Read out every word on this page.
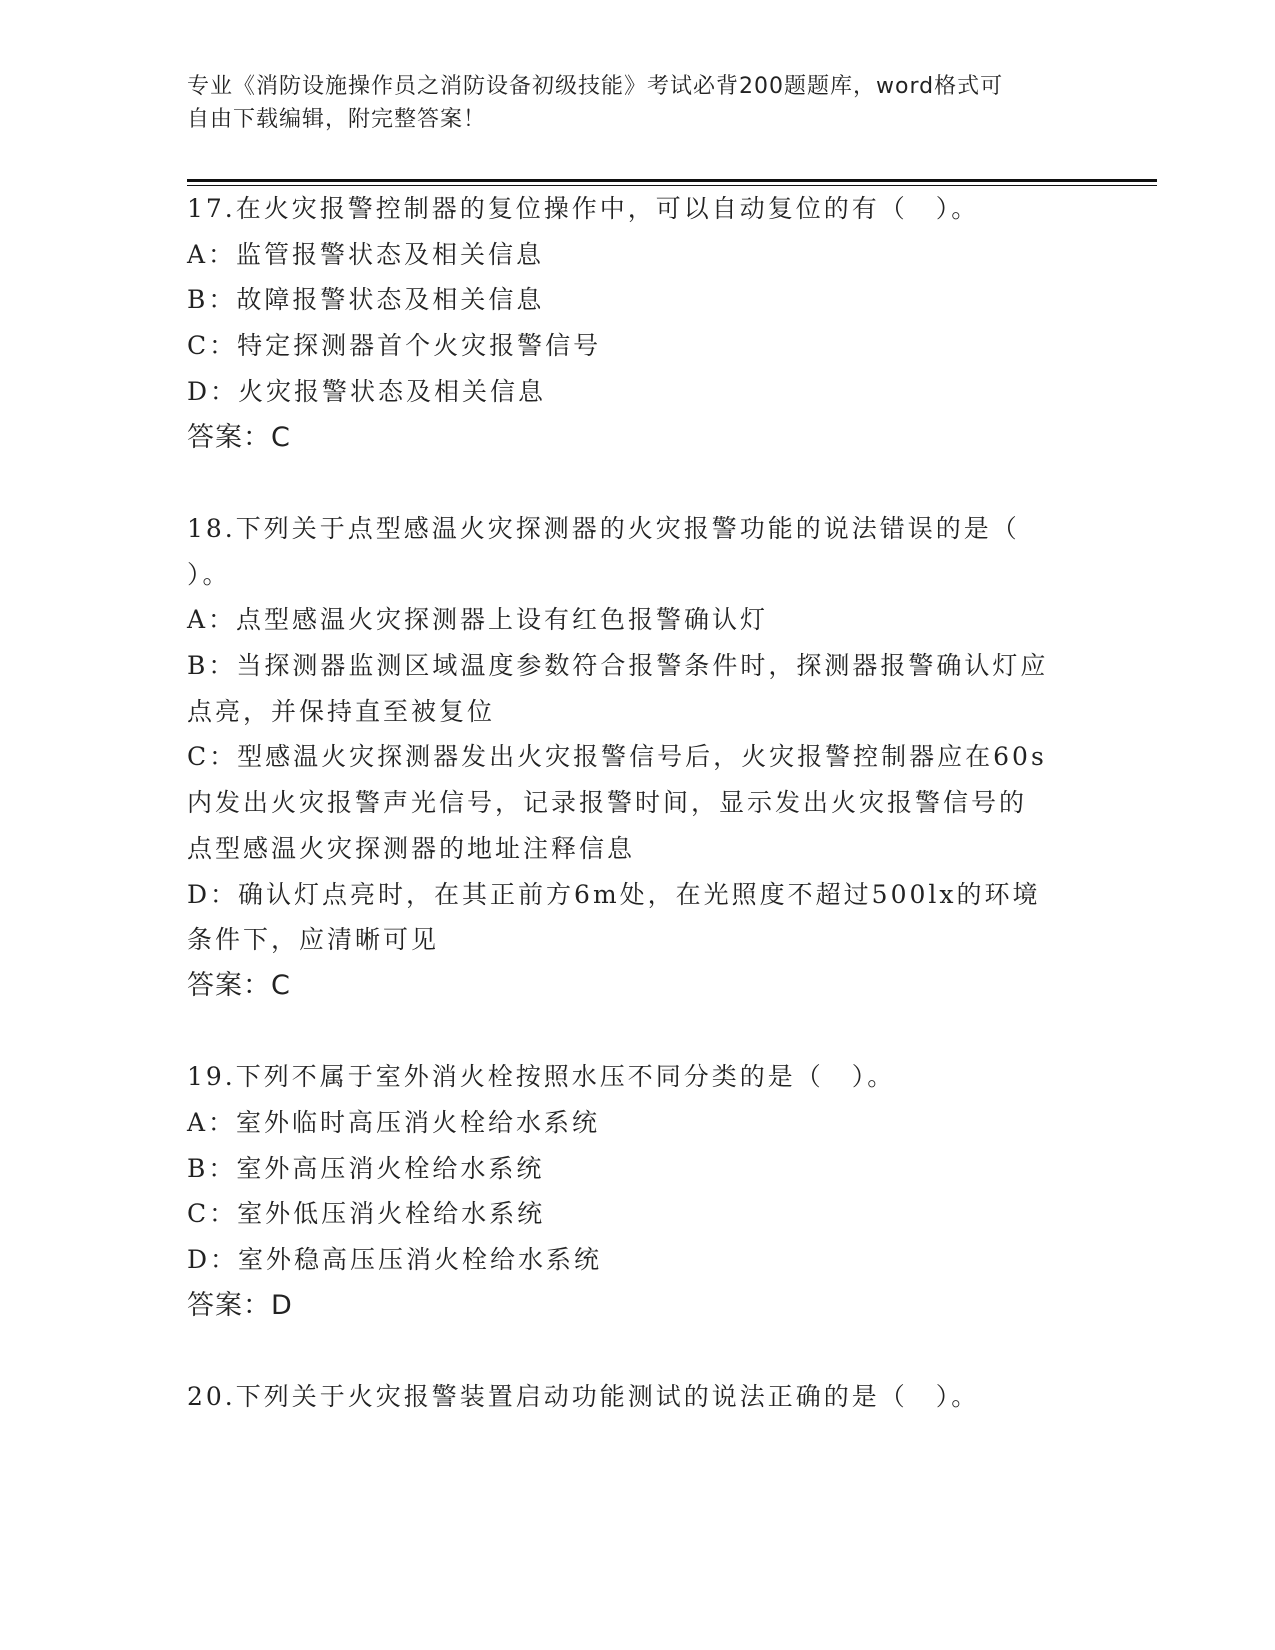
专业《消防设施操作员之消防设备初级技能》考试必背200题题库，word格式可
自由下载编辑，附完整答案！
17.在火灾报警控制器的复位操作中，可以自动复位的有（　）。
A：监管报警状态及相关信息
B：故障报警状态及相关信息
C：特定探测器首个火灾报警信号
D：火灾报警状态及相关信息
答案：C
18.下列关于点型感温火灾探测器的火灾报警功能的说法错误的是（
）。
A：点型感温火灾探测器上设有红色报警确认灯
B：当探测器监测区域温度参数符合报警条件时，探测器报警确认灯应
点亮，并保持直至被复位
C：型感温火灾探测器发出火灾报警信号后，火灾报警控制器应在60s
内发出火灾报警声光信号，记录报警时间，显示发出火灾报警信号的
点型感温火灾探测器的地址注释信息
D：确认灯点亮时，在其正前方6m处，在光照度不超过500lx的环境
条件下，应清晰可见
答案：C
19.下列不属于室外消火栓按照水压不同分类的是（　）。
A：室外临时高压消火栓给水系统
B：室外高压消火栓给水系统
C：室外低压消火栓给水系统
D：室外稳高压压消火栓给水系统
答案：D
20.下列关于火灾报警装置启动功能测试的说法正确的是（　）。
